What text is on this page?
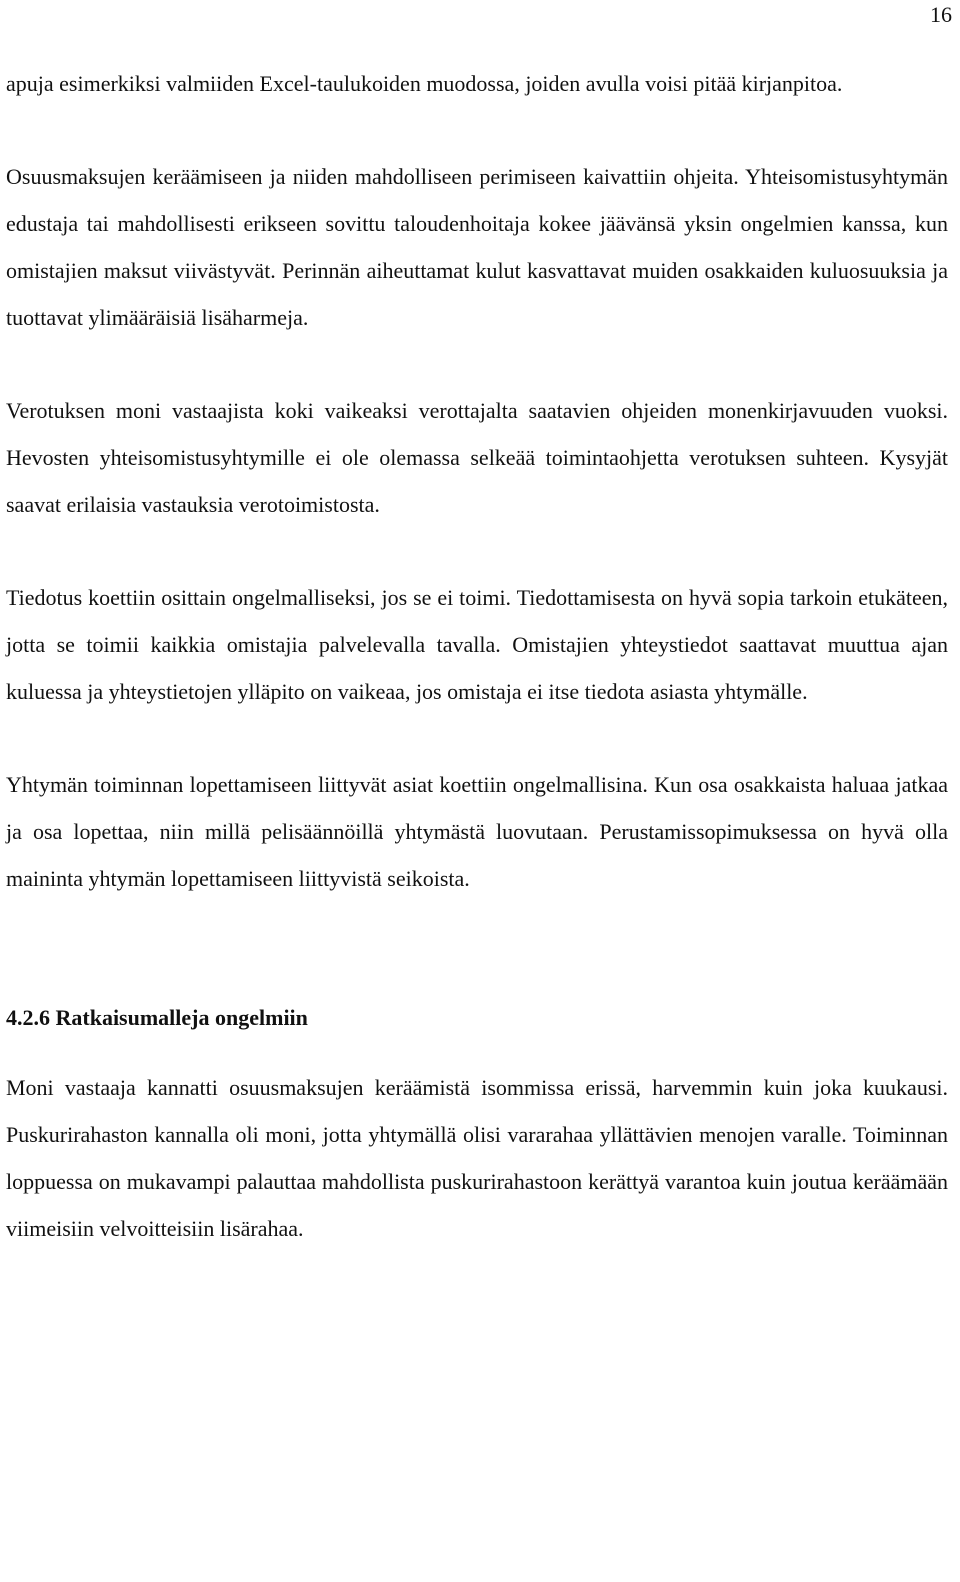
16

apuja esimerkiksi valmiiden Excel-taulukoiden muodossa, joiden avulla voisi pitää kirjanpitoa.

Osuusmaksujen keräämiseen ja niiden mahdolliseen perimiseen kaivattiin ohjeita. Yhteisomistusyhtymän edustaja tai mahdollisesti erikseen sovittu taloudenhoitaja kokee jäävänsä yksin ongelmien kanssa, kun omistajien maksut viivästyvät. Perinnän aiheuttamat kulut kasvattavat muiden osakkaiden kuluosuuksia ja tuottavat ylimääräisiä lisäharmeja.

Verotuksen moni vastaajista koki vaikeaksi verottajalta saatavien ohjeiden monenkirjavuuden vuoksi. Hevosten yhteisomistusyhtymille ei ole olemassa selkeää toimintaohjetta verotuksen suhteen. Kysyjät saavat erilaisia vastauksia verotoimistosta.

Tiedotus koettiin osittain ongelmalliseksi, jos se ei toimi. Tiedottamisesta on hyvä sopia tarkoin etukäteen, jotta se toimii kaikkia omistajia palvelevalla tavalla. Omistajien yhteystiedot saattavat muuttua ajan kuluessa ja yhteystietojen ylläpito on vaikeaa, jos omistaja ei itse tiedota asiasta yhtymälle.

Yhtymän toiminnan lopettamiseen liittyvät asiat koettiin ongelmallisina. Kun osa osakkaista haluaa jatkaa ja osa lopettaa, niin millä pelisäännöillä yhtymästä luovutaan. Perustamissopimuksessa on hyvä olla maininta yhtymän lopettamiseen liittyvistä seikoista.

4.2.6 Ratkaisumalleja ongelmiin

Moni vastaaja kannatti osuusmaksujen keräämistä isommissa erissä, harvemmin kuin joka kuukausi. Puskurirahaston kannalla oli moni, jotta yhtymällä olisi vararahaa yllättävien menojen varalle. Toiminnan loppuessa on mukavampi palauttaa mahdollista puskurirahastoon kerättyä varantoa kuin joutua keräämään viimeisiin velvoitteisiin lisärahaa.
